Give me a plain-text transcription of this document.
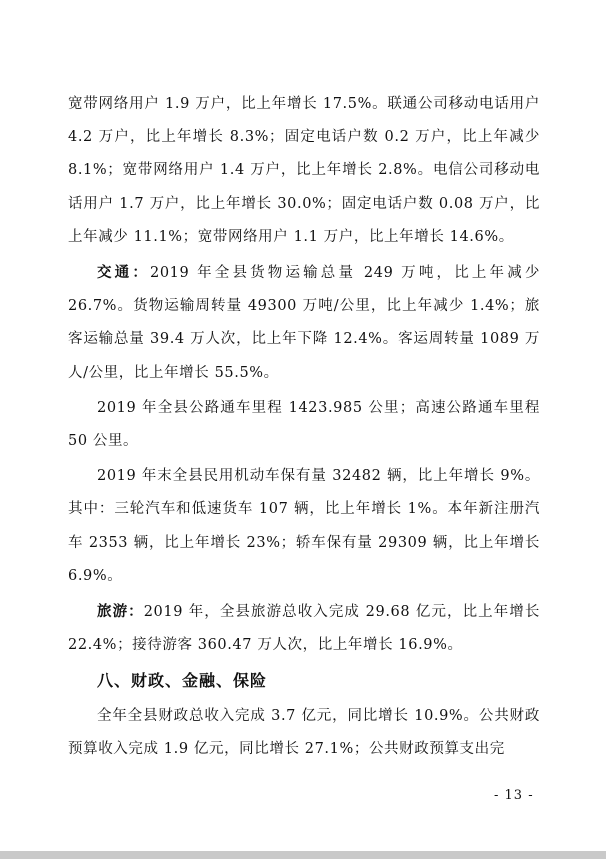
宽带网络用户 1.9 万户，比上年增长 17.5%。联通公司移动电话用户 4.2 万户，比上年增长 8.3%；固定电话户数 0.2 万户，比上年减少 8.1%；宽带网络用户 1.4 万户，比上年增长 2.8%。电信公司移动电话用户 1.7 万户，比上年增长 30.0%；固定电话户数 0.08 万户，比上年减少 11.1%；宽带网络用户 1.1 万户，比上年增长 14.6%。

交通：2019 年全县货物运输总量 249 万吨，比上年减少 26.7%。货物运输周转量 49300 万吨/公里，比上年减少 1.4%；旅客运输总量 39.4 万人次，比上年下降 12.4%。客运周转量 1089 万人/公里，比上年增长 55.5%。

2019 年全县公路通车里程 1423.985 公里；高速公路通车里程 50 公里。

2019 年末全县民用机动车保有量 32482 辆，比上年增长 9%。其中：三轮汽车和低速货车 107 辆，比上年增长 1%。本年新注册汽车 2353 辆，比上年增长 23%；轿车保有量 29309 辆，比上年增长 6.9%。

旅游：2019 年，全县旅游总收入完成 29.68 亿元，比上年增长 22.4%；接待游客 360.47 万人次，比上年增长 16.9%。

八、财政、金融、保险

全年全县财政总收入完成 3.7 亿元，同比增长 10.9%。公共财政预算收入完成 1.9 亿元，同比增长 27.1%；公共财政预算支出完

- 13 -
